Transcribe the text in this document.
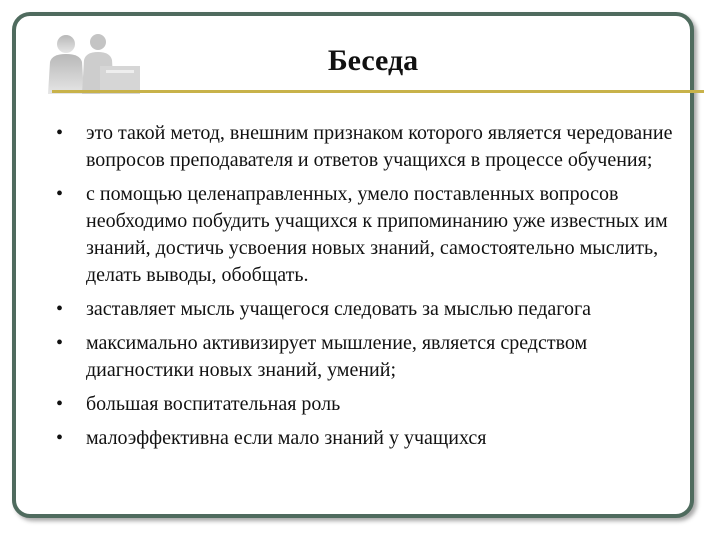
Беседа
• это такой метод, внешним признаком которого является чередование вопросов преподавателя и ответов учащихся в процессе обучения;
• с помощью целенаправленных, умело поставленных вопросов необходимо побудить учащихся к припоминанию уже известных им знаний, достичь усвоения новых знаний, самостоятельно мыслить, делать выводы, обобщать.
• заставляет мысль учащегося следовать за мыслью педагога
• максимально активизирует мышление, является средством диагностики новых знаний, умений;
• большая воспитательная роль
• малоэффективна если мало знаний у учащихся
